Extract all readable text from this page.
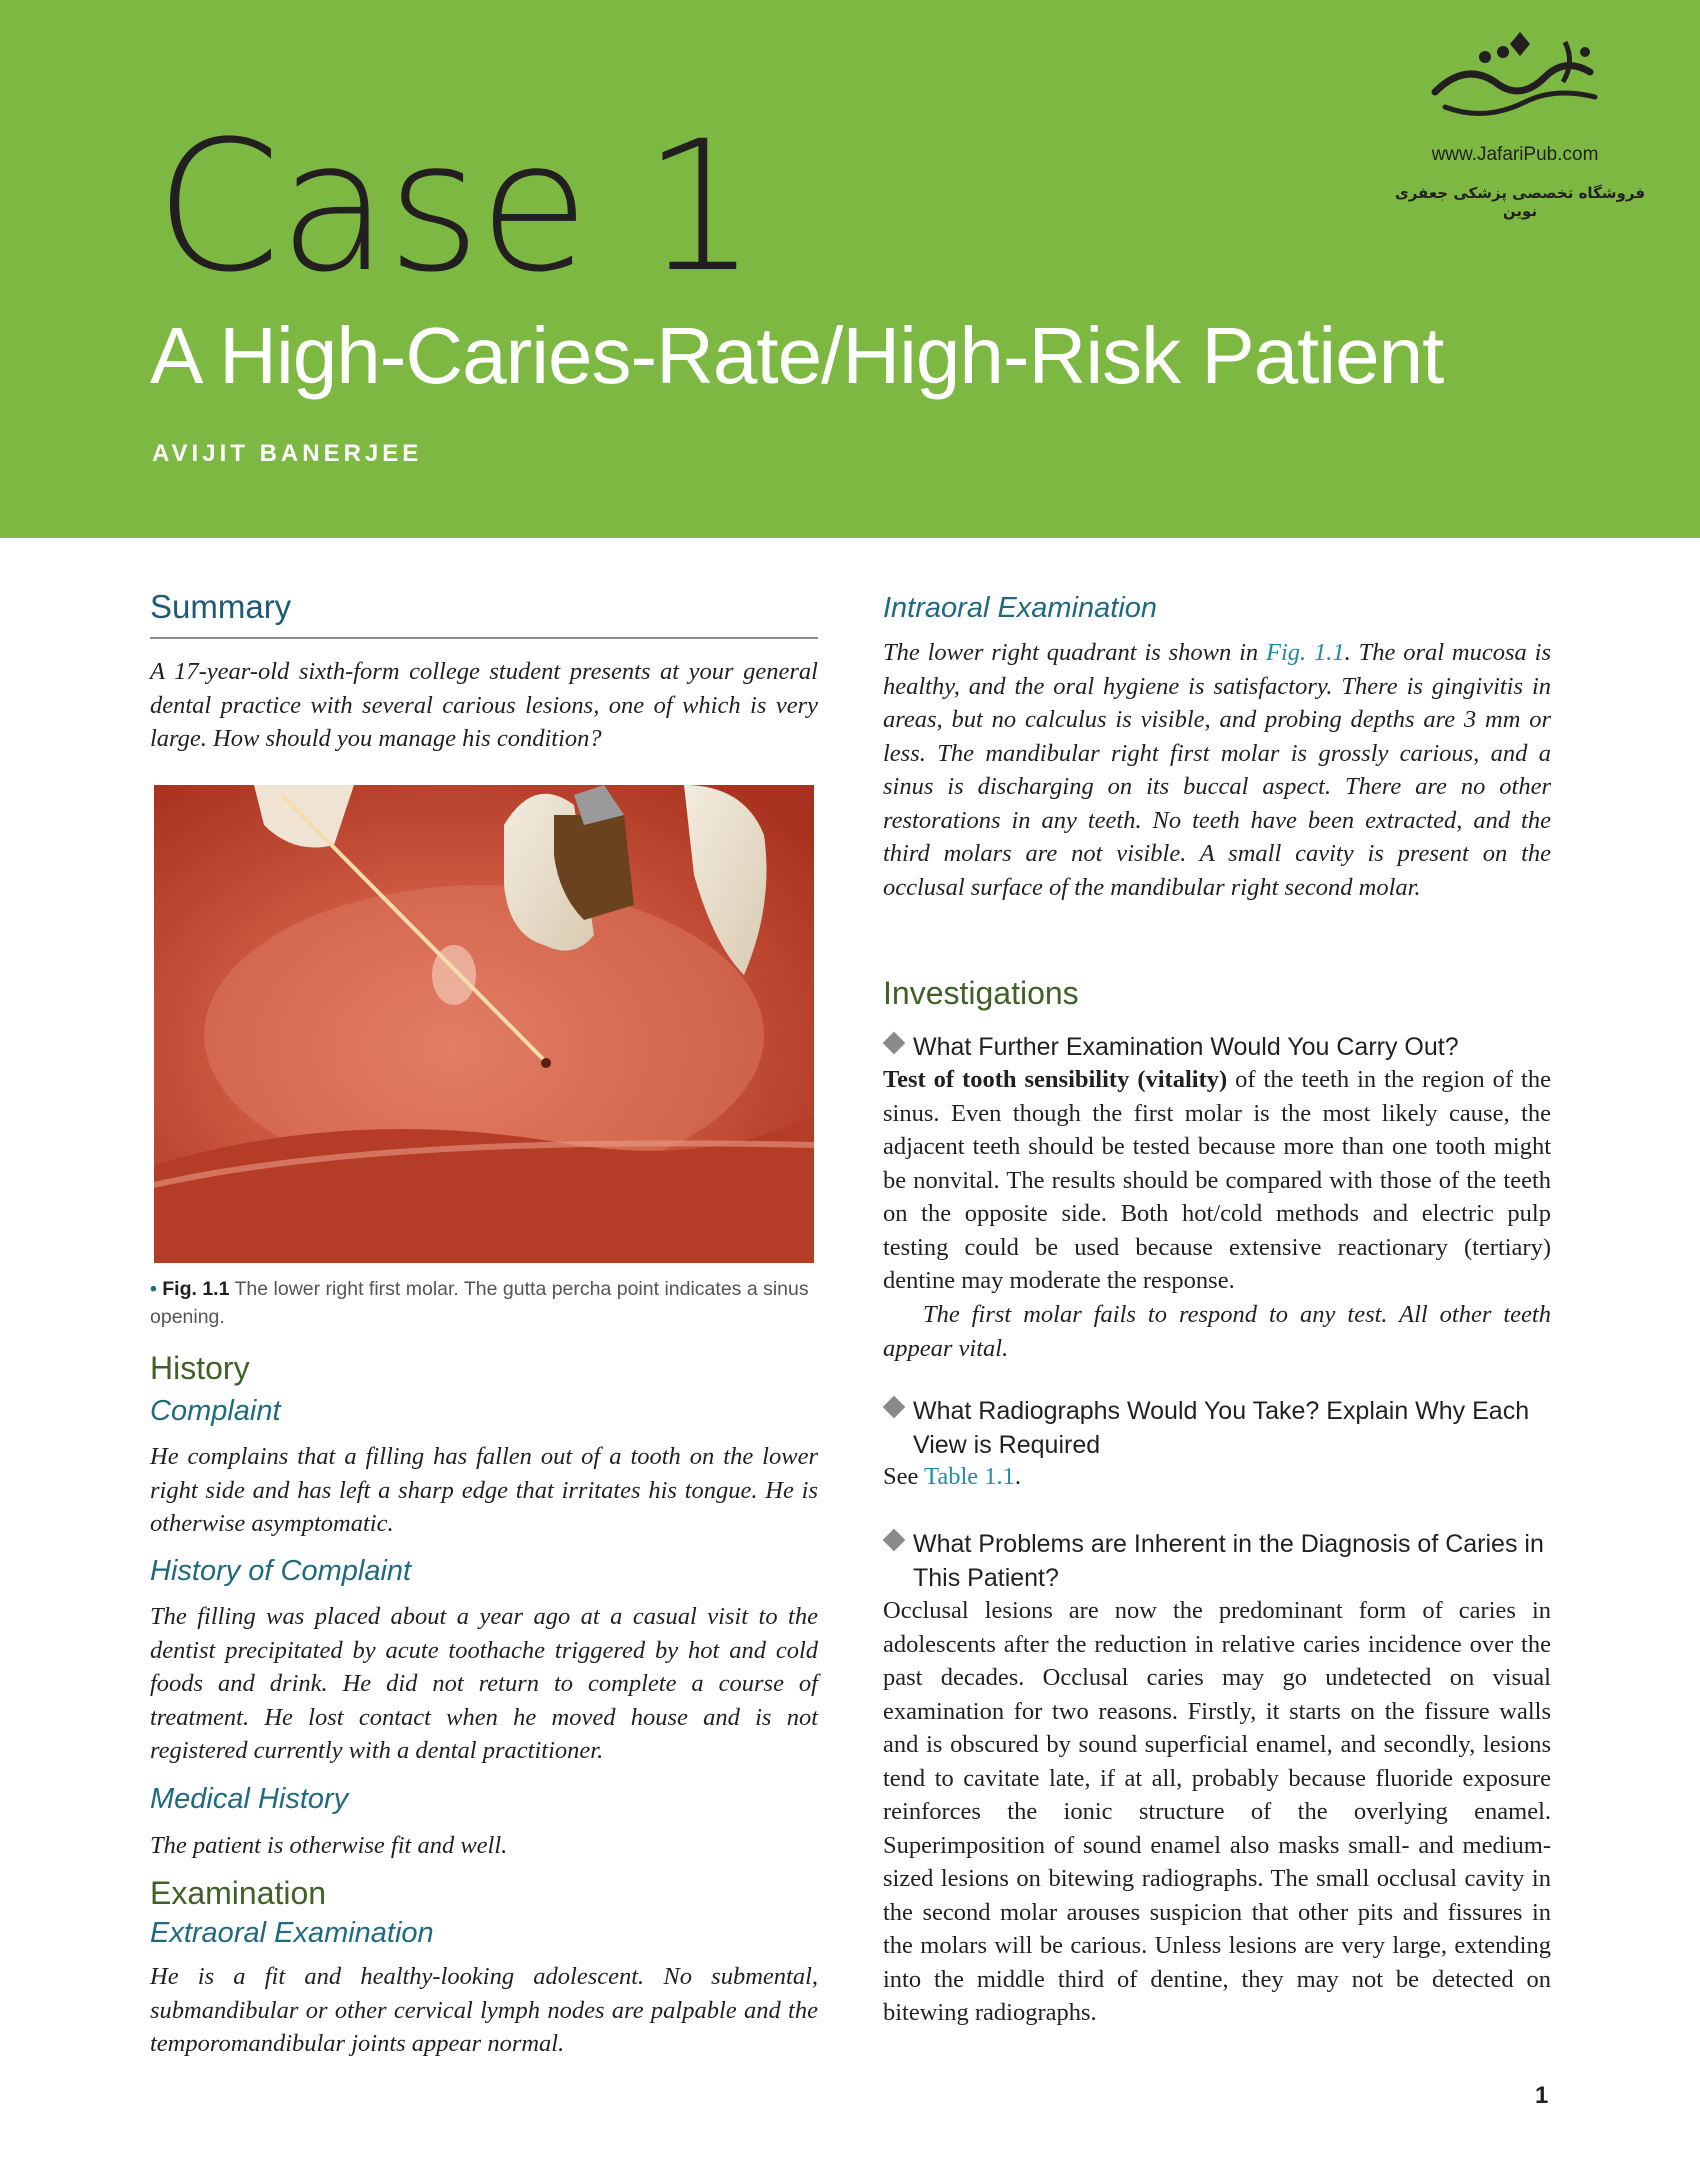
Case 1
A High-Caries-Rate/High-Risk Patient
AVIJIT BANERJEE
www.JafariPub.com
فروشگاه تخصصی پزشکی جعفری نوین
Summary
A 17-year-old sixth-form college student presents at your general dental practice with several carious lesions, one of which is very large. How should you manage his condition?
• Fig. 1.1 The lower right first molar. The gutta percha point indicates a sinus opening.
History
Complaint
He complains that a filling has fallen out of a tooth on the lower right side and has left a sharp edge that irritates his tongue. He is otherwise asymptomatic.
History of Complaint
The filling was placed about a year ago at a casual visit to the dentist precipitated by acute toothache triggered by hot and cold foods and drink. He did not return to complete a course of treatment. He lost contact when he moved house and is not registered currently with a dental practitioner.
Medical History
The patient is otherwise fit and well.
Examination
Extraoral Examination
He is a fit and healthy-looking adolescent. No submental, submandibular or other cervical lymph nodes are palpable and the temporomandibular joints appear normal.
Intraoral Examination
The lower right quadrant is shown in Fig. 1.1. The oral mucosa is healthy, and the oral hygiene is satisfactory. There is gingivitis in areas, but no calculus is visible, and probing depths are 3 mm or less. The mandibular right first molar is grossly carious, and a sinus is discharging on its buccal aspect. There are no other restorations in any teeth. No teeth have been extracted, and the third molars are not visible. A small cavity is present on the occlusal surface of the mandibular right second molar.
Investigations
What Further Examination Would You Carry Out?
Test of tooth sensibility (vitality) of the teeth in the region of the sinus. Even though the first molar is the most likely cause, the adjacent teeth should be tested because more than one tooth might be nonvital. The results should be compared with those of the teeth on the opposite side. Both hot/cold methods and electric pulp testing could be used because extensive reactionary (tertiary) dentine may moderate the response.
The first molar fails to respond to any test. All other teeth appear vital.
What Radiographs Would You Take? Explain Why Each View is Required
See Table 1.1.
What Problems are Inherent in the Diagnosis of Caries in This Patient?
Occlusal lesions are now the predominant form of caries in adolescents after the reduction in relative caries incidence over the past decades. Occlusal caries may go undetected on visual examination for two reasons. Firstly, it starts on the fissure walls and is obscured by sound superficial enamel, and secondly, lesions tend to cavitate late, if at all, probably because fluoride exposure reinforces the ionic structure of the overlying enamel. Superimposition of sound enamel also masks small- and medium-sized lesions on bitewing radiographs. The small occlusal cavity in the second molar arouses suspicion that other pits and fissures in the molars will be carious. Unless lesions are very large, extending into the middle third of dentine, they may not be detected on bitewing radiographs.
1
